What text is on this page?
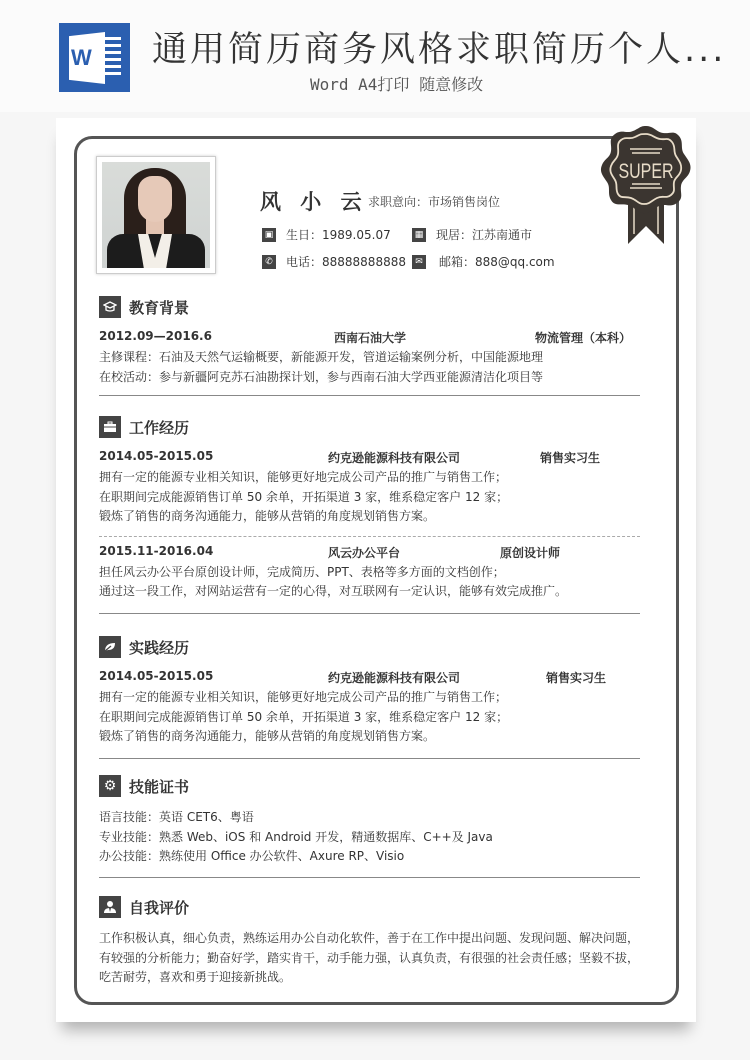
W 通用简历商务风格求职简历个人...
Word A4打印 随意修改
SUPER
风 小 云 求职意向：市场销售岗位
▣ 生日：1989.05.07	▦ 现居：江苏南通市
✆ 电话：88888888888	✉ 邮箱：888@qq.com
教育背景
2012.09—2016.6	西南石油大学	物流管理（本科）
主修课程：石油及天然气运输概要，新能源开发，管道运输案例分析，中国能源地理
在校活动：参与新疆阿克苏石油勘探计划，参与西南石油大学西亚能源清洁化项目等
工作经历
2014.05-2015.05	约克逊能源科技有限公司	销售实习生
拥有一定的能源专业相关知识，能够更好地完成公司产品的推广与销售工作；
在职期间完成能源销售订单 50 余单，开拓渠道 3 家，维系稳定客户 12 家；
锻炼了销售的商务沟通能力，能够从营销的角度规划销售方案。
2015.11-2016.04	风云办公平台	原创设计师
担任风云办公平台原创设计师，完成简历、PPT、表格等多方面的文档创作；
通过这一段工作，对网站运营有一定的心得，对互联网有一定认识，能够有效完成推广。
实践经历
2014.05-2015.05	约克逊能源科技有限公司	销售实习生
拥有一定的能源专业相关知识，能够更好地完成公司产品的推广与销售工作；
在职期间完成能源销售订单 50 余单，开拓渠道 3 家，维系稳定客户 12 家；
锻炼了销售的商务沟通能力，能够从营销的角度规划销售方案。
⚙ 技能证书
语言技能：英语 CET6、粤语
专业技能：熟悉 Web、iOS 和 Android 开发，精通数据库、C++及 Java
办公技能：熟练使用 Office 办公软件、Axure RP、Visio
自我评价
工作积极认真，细心负责，熟练运用办公自动化软件，善于在工作中提出问题、发现问题、解决问题，
有较强的分析能力；勤奋好学，踏实肯干，动手能力强，认真负责，有很强的社会责任感；坚毅不拔，
吃苦耐劳，喜欢和勇于迎接新挑战。
